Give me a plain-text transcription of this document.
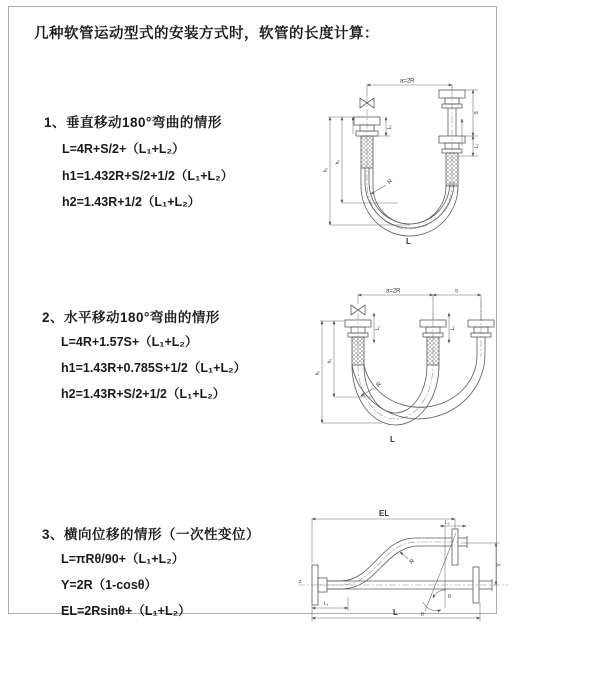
几种软管运动型式的安装方式时，软管的长度计算：
1、垂直移动180°弯曲的情形
L=4R+S/2+（L₁+L₂）
h1=1.432R+S/2+1/2（L₁+L₂）
h2=1.43R+1/2（L₁+L₂）
2、水平移动180°弯曲的情形
L=4R+1.57S+（L₁+L₂）
h1=1.43R+0.785S+1/2（L₁+L₂）
h2=1.43R+S/2+1/2（L₁+L₂）
3、横向位移的情形（一次性变位）
L=πRθ/90+（L₁+L₂）
Y=2R（1-cosθ）
EL=2Rsinθ+（L₁+L₂）
a=2R
h₁
h₂
L₁
S
L₂
R
L
a=2R	s
h₁
h₂
L₁	L₂
R
L
z
EL
L₂
Y
θ
θ
R
L₁
L
